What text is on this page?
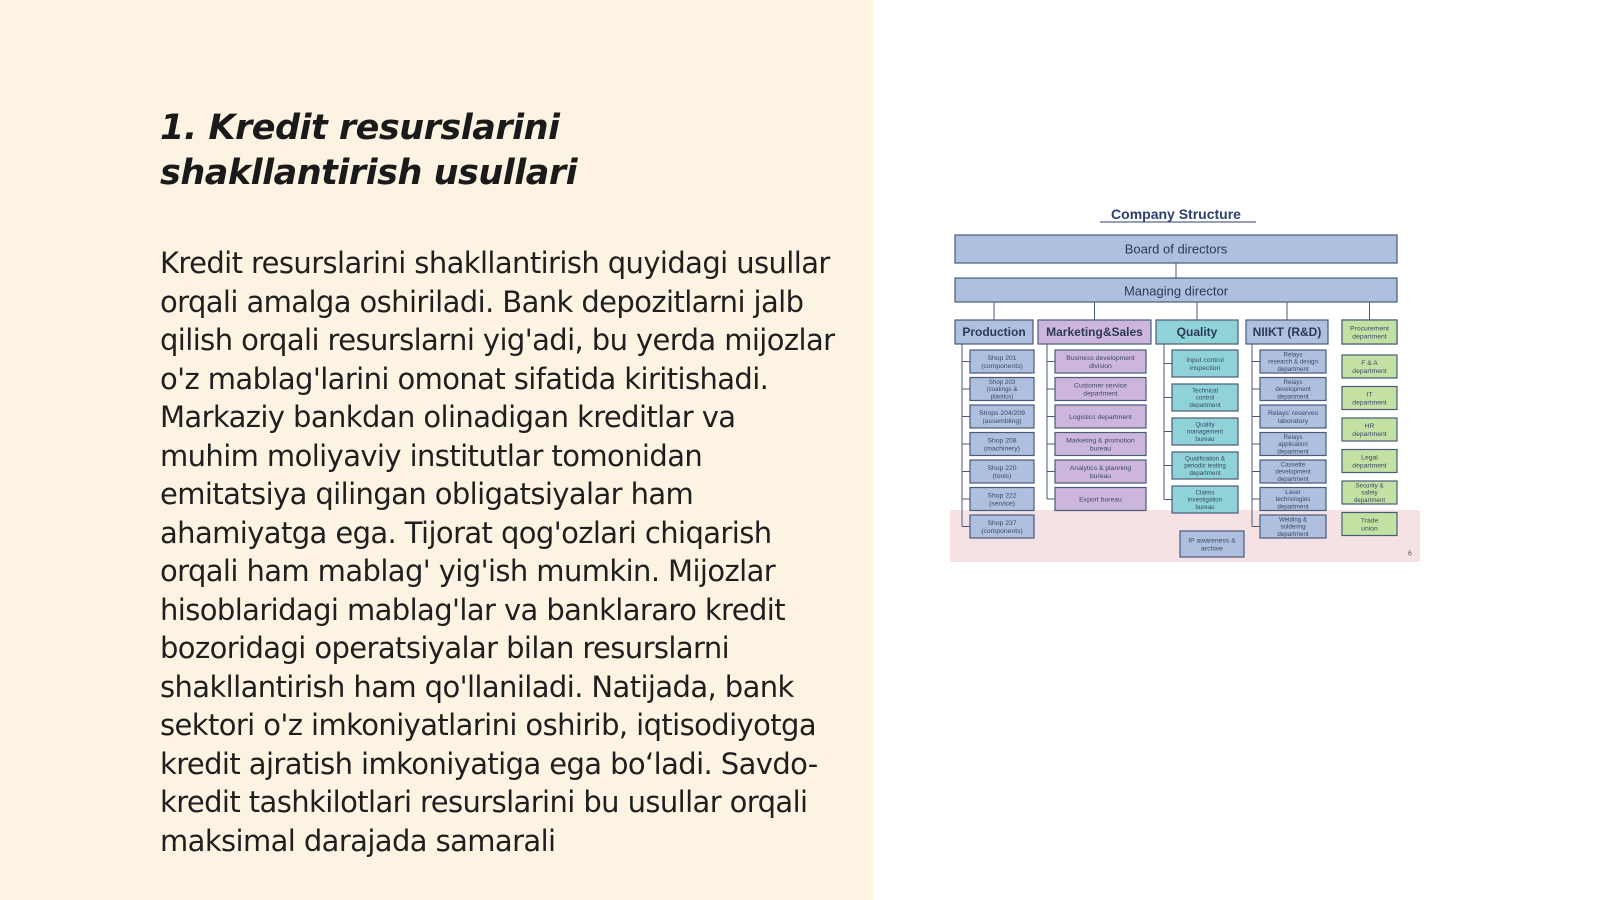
1. Kredit resurslarini shakllantirish usullari

Kredit resurslarini shakllantirish quyidagi usullar orqali amalga oshiriladi. Bank depozitlarni jalb qilish orqali resurslarni yig'adi, bu yerda mijozlar o'z mablag'larini omonat sifatida kiritishadi. Markaziy bankdan olinadigan kreditlar va muhim moliyaviy institutlar tomonidan emitatsiya qilingan obligatsiyalar ham ahamiyatga ega. Tijorat qog'ozlari chiqarish orqali ham mablag' yig'ish mumkin. Mijozlar hisoblaridagi mablag'lar va banklararo kredit bozoridagi operatsiyalar bilan resurslarni shakllantirish ham qo'llaniladi. Natijada, bank sektori o'z imkoniyatlarini oshirib, iqtisodiyotga kredit ajratish imkoniyatiga ega bo‘ladi. Savdo-kredit tashkilotlari resurslarini bu usullar orqali maksimal darajada samarali

Company Structure
Board of directors
Managing director
Production
Shop 201 (components)
Shop 203 (coatings & plastics)
Shops 204/209 (assembling)
Shop 208 (machinery)
Shop 220 (tools)
Shop 222 (service)
Shop 237 (components)
Marketing&Sales
Business development division
Customer service department
Logistics department
Marketing & promotion bureau
Analytics & planning bureau
Export bureau
Quality
Input control inspection
Technical control department
Quality management bureau
Qualification & periodic testing department
Claims investigation bureau
NIIKT (R&D)
Relays research & design department
Relays development department
Relays' reserves laboratory
Relays application department
Cassette development department
Laser technologies department
Welding & soldering department
Procurement department
F & A department
IT department
HR department
Legal department
Security & safety department
Trade union
IP awareness & archive
6
